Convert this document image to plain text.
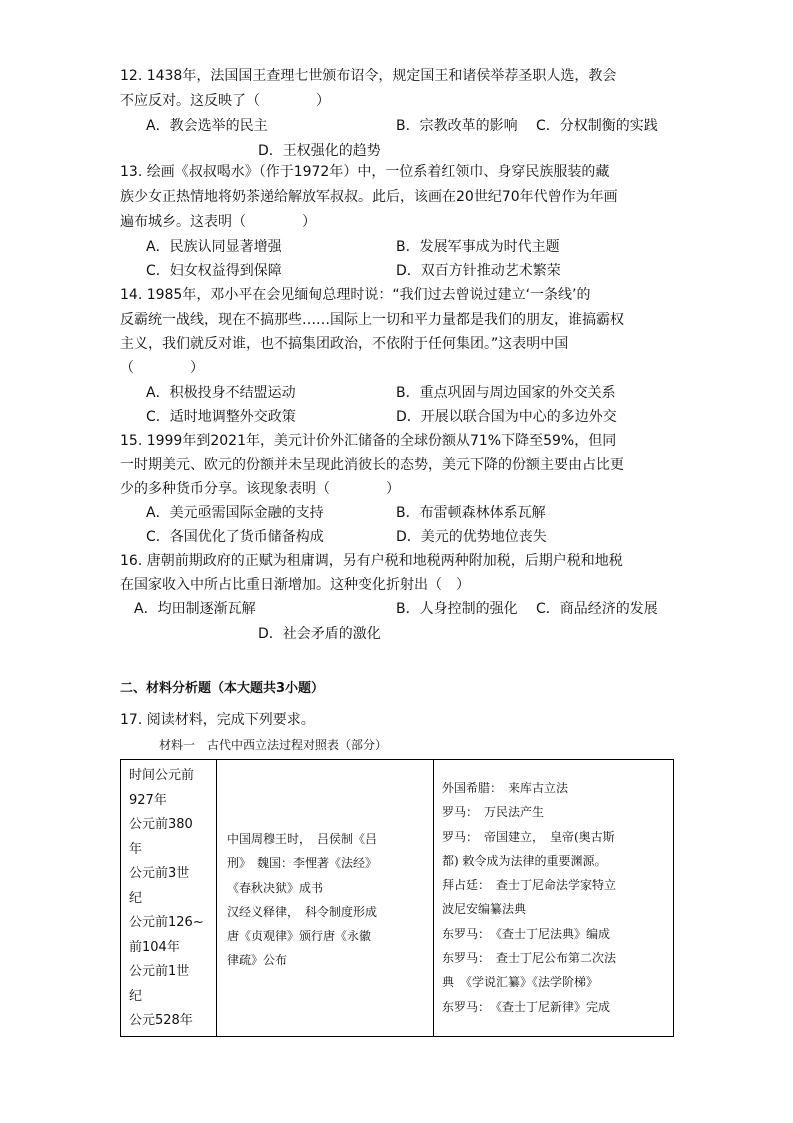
12. 1438年，法国国王查理七世颁布诏令，规定国王和诸侯举荐圣职人选，教会
不应反对。这反映了（　　　　）
A．教会选举的民主	B．宗教改革的影响 C．分权制衡的实践
D．王权强化的趋势
13. 绘画《叔叔喝水》（作于1972年）中，一位系着红领巾、身穿民族服装的藏
族少女正热情地将奶茶递给解放军叔叔。此后，该画在20世纪70年代曾作为年画
遍布城乡。这表明（　　　　）
A．民族认同显著增强	B．发展军事成为时代主题
C．妇女权益得到保障	D．双百方针推动艺术繁荣
14. 1985年，邓小平在会见缅甸总理时说：“我们过去曾说过建立‘一条线’的
反霸统一战线，现在不搞那些……国际上一切和平力量都是我们的朋友，谁搞霸权
主义，我们就反对谁，也不搞集团政治，不依附于任何集团。”这表明中国
（　　　　）
A．积极投身不结盟运动	B．重点巩固与周边国家的外交关系
C．适时地调整外交政策	D．开展以联合国为中心的多边外交
15. 1999年到2021年，美元计价外汇储备的全球份额从71%下降至59%，但同
一时期美元、欧元的份额并未呈现此消彼长的态势，美元下降的份额主要由占比更
少的多种货币分享。该现象表明（　　　　）
A．美元亟需国际金融的支持	B．布雷顿森林体系瓦解
C．各国优化了货币储备构成	D．美元的优势地位丧失
16. 唐朝前期政府的正赋为租庸调，另有户税和地税两种附加税，后期户税和地税
在国家收入中所占比重日渐增加。这种变化折射出（　）
A．均田制逐渐瓦解	B．人身控制的强化 C．商品经济的发展
D．社会矛盾的激化
二、材料分析题（本大题共3小题）
17. 阅读材料，完成下列要求。
材料一　古代中西立法过程对照表（部分）
时间公元前
927年
公元前380
年
公元前3世
纪
公元前126~
前104年
公元前1世
纪
公元528年

中国周穆王时，　吕侯制《吕
刑》　魏国：李悝著《法经》
《春秋决狱》成书
汉经义释律，　科令制度形成
唐《贞观律》颁行唐《永徽
律疏》公布

外国希腊：　来库古立法
罗马：　万民法产生
罗马：　帝国建立，　皇帝(奥古斯
都) 敕令成为法律的重要渊源。
拜占廷：　查士丁尼命法学家特立
波尼安编纂法典
东罗马：　《查士丁尼法典》编成
东罗马：　查士丁尼公布第二次法
典　《学说汇纂》《法学阶梯》
东罗马：　《查士丁尼新律》完成
